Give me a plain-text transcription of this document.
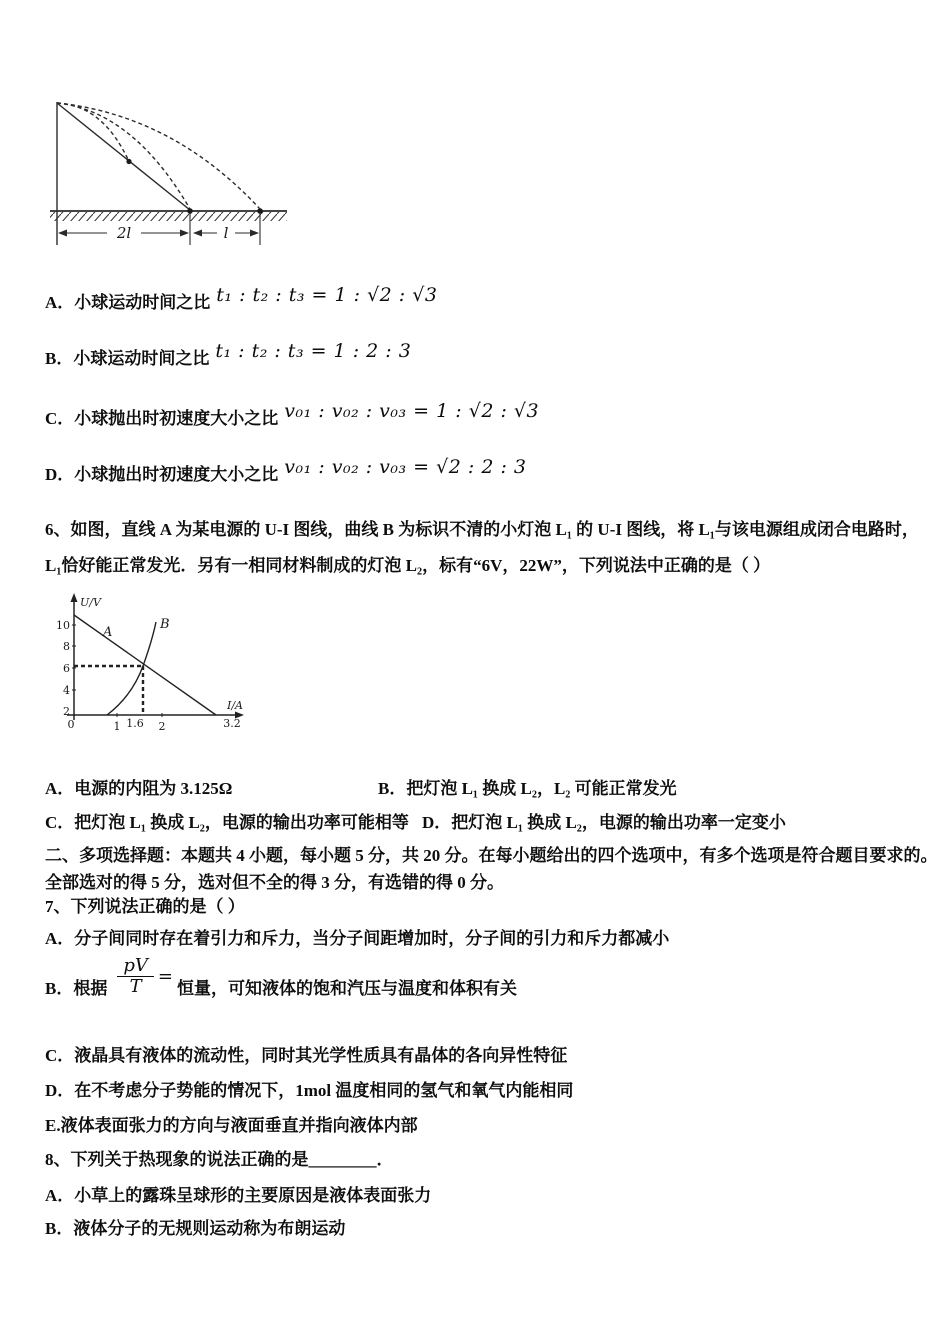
2l	l
A．小球运动时间之比 t₁ : t₂ : t₃ = 1 : √2 : √3
B．小球运动时间之比 t₁ : t₂ : t₃ = 1 : 2 : 3
C．小球抛出时初速度大小之比 v₀₁ : v₀₂ : v₀₃ = 1 : √2 : √3
D．小球抛出时初速度大小之比 v₀₁ : v₀₂ : v₀₃ = √2 : 2 : 3
6、如图，直线 A 为某电源的 U-I 图线，曲线 B 为标识不清的小灯泡 L₁ 的 U-I 图线，将 L₁与该电源组成闭合电路时，
L₁恰好能正常发光．另有一相同材料制成的灯泡 L₂，标有“6V，22W”，下列说法中正确的是（ ）
U/V
I/A
A
B
10
8
6
4
2
0	1 1.6 2	3.2
A．电源的内阻为 3.125Ω	B．把灯泡 L₁ 换成 L₂，L₂ 可能正常发光
C．把灯泡 L₁ 换成 L₂，电源的输出功率可能相等 D．把灯泡 L₁ 换成 L₂，电源的输出功率一定变小
二、多项选择题：本题共 4 小题，每小题 5 分，共 20 分。在每小题给出的四个选项中，有多个选项是符合题目要求的。
全部选对的得 5 分，选对但不全的得 3 分，有选错的得 0 分。
7、下列说法正确的是（ ）
A．分子间同时存在着引力和斥力，当分子间距增加时，分子间的引力和斥力都减小
B．根据 $\frac{pV}{T}$ =
恒量，可知液体的饱和汽压与温度和体积有关
C．液晶具有液体的流动性，同时其光学性质具有晶体的各向异性特征
D．在不考虑分子势能的情况下，1mol 温度相同的氢气和氧气内能相同
E.液体表面张力的方向与液面垂直并指向液体内部
8、下列关于热现象的说法正确的是________．
A．小草上的露珠呈球形的主要原因是液体表面张力
B．液体分子的无规则运动称为布朗运动
